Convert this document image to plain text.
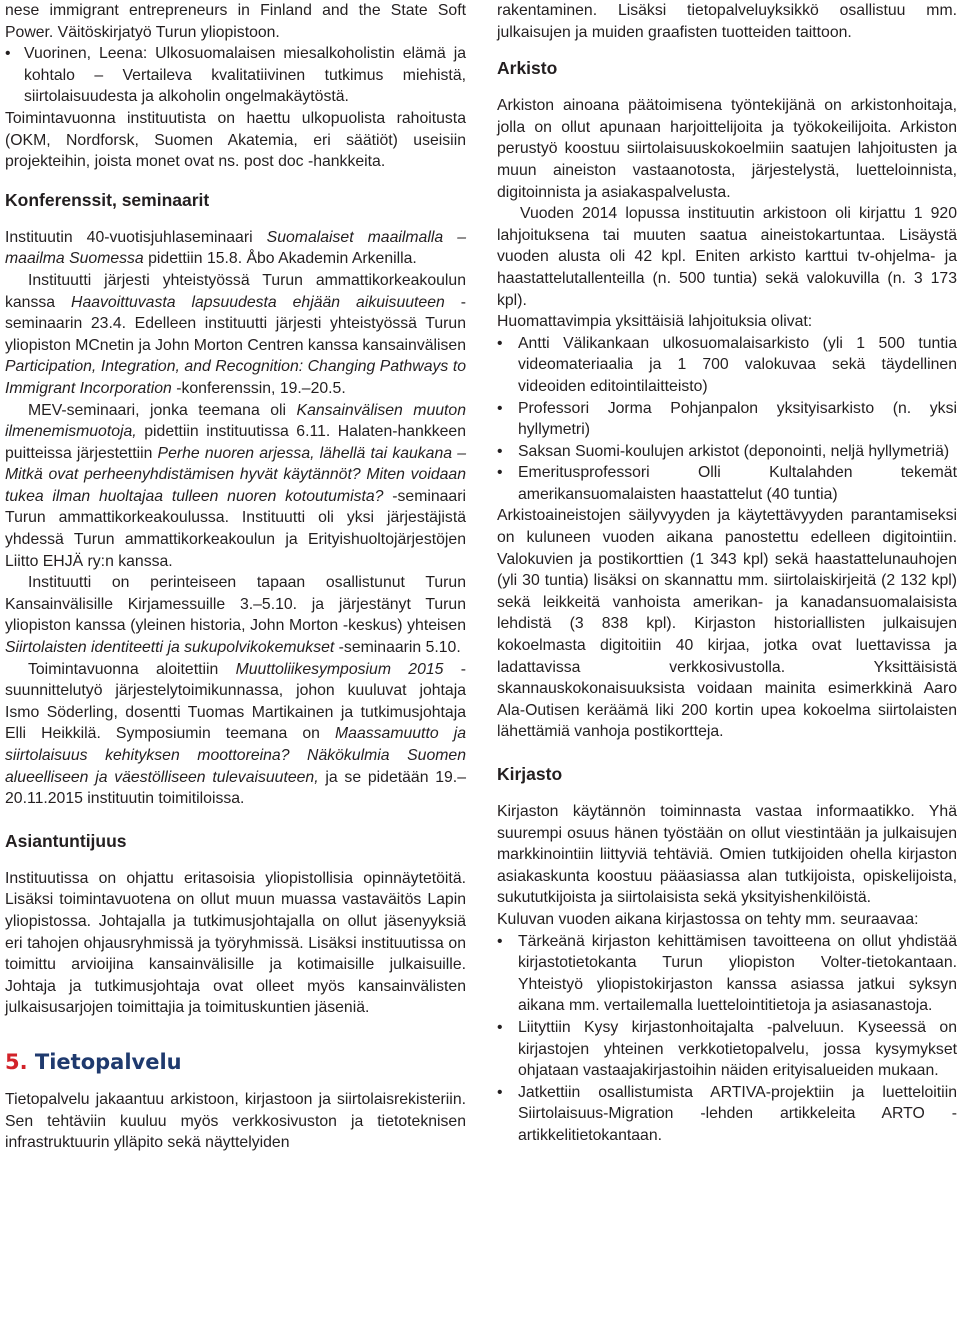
nese immigrant entrepreneurs in Finland and the State Soft Power. Väitöskirjatyö Turun yliopistoon.

• Vuorinen, Leena: Ulkosuomalaisen miesalkoholistin elämä ja kohtalo – Vertaileva kvalitatiivinen tutkimus miehistä, siirtolaisuudesta ja alkoholin ongelmakäytöstä.

Toimintavuonna instituutista on haettu ulkopuolista rahoitusta (OKM, Nordforsk, Suomen Akatemia, eri säätiöt) useisiin projekteihin, joista monet ovat ns. post doc -hankkeita.

Konferenssit, seminaarit

Instituutin 40-vuotisjuhlaseminaari Suomalaiset maailmalla – maailma Suomessa pidettiin 15.8. Åbo Akademin Arkenilla.

Instituutti järjesti yhteistyössä Turun ammattikorkeakoulun kanssa Haavoittuvasta lapsuudesta ehjään aikuisuuteen -seminaarin 23.4. Edelleen instituutti järjesti yhteistyössä Turun yliopiston MCnetin ja John Morton Centren kanssa kansainvälisen Participation, Integration, and Recognition: Changing Pathways to Immigrant Incorporation -konferenssin, 19.–20.5.

MEV-seminaari, jonka teemana oli Kansainvälisen muuton ilmenemismuotoja, pidettiin instituutissa 6.11. Halaten-hankkeen puitteissa järjestettiin Perhe nuoren arjessa, lähellä tai kaukana – Mitkä ovat perheenyhdistämisen hyvät käytännöt? Miten voidaan tukea ilman huoltajaa tulleen nuoren kotoutumista? -seminaari Turun ammattikorkeakoulussa. Instituutti oli yksi järjestäjistä yhdessä Turun ammattikorkeakoulun ja Erityishuoltojärjestöjen Liitto EHJÄ ry:n kanssa.

Instituutti on perinteiseen tapaan osallistunut Turun Kansainvälisille Kirjamessuille 3.–5.10. ja järjestänyt Turun yliopiston kanssa (yleinen historia, John Morton -keskus) yhteisen Siirtolaisten identiteetti ja sukupolvikokemukset -seminaarin 5.10.

Toimintavuonna aloitettiin Muuttoliikesymposium 2015 -suunnittelutyö järjestelytoimikunnassa, johon kuuluvat johtaja Ismo Söderling, dosentti Tuomas Martikainen ja tutkimusjohtaja Elli Heikkilä. Symposiumin teemana on Maassamuutto ja siirtolaisuus kehityksen moottoreina? Näkökulmia Suomen alueelliseen ja väestölliseen tulevaisuuteen, ja se pidetään 19.–20.11.2015 instituutin toimitiloissa.

Asiantuntijuus

Instituutissa on ohjattu eritasoisia yliopistollisia opinnäytetöitä. Lisäksi toimintavuotena on ollut muun muassa vastaväitös Lapin yliopistossa. Johtajalla ja tutkimusjohtajalla on ollut jäsenyyksiä eri tahojen ohjausryhmissä ja työryhmissä. Lisäksi instituutissa on toimittu arvioijina kansainvälisille ja kotimaisille julkaisuille. Johtaja ja tutkimusjohtaja ovat olleet myös kansainvälisten julkaisusarjojen toimittajia ja toimituskuntien jäseniä.

5. Tietopalvelu

Tietopalvelu jakaantuu arkistoon, kirjastoon ja siirtolaisrekisteriin. Sen tehtäviin kuuluu myös verkkosivuston ja tietoteknisen infrastruktuurin ylläpito sekä näyttelyiden

rakentaminen. Lisäksi tietopalveluyksikkö osallistuu mm. julkaisujen ja muiden graafisten tuotteiden taittoon.

Arkisto

Arkiston ainoana päätoimisena työntekijänä on arkistonhoitaja, jolla on ollut apunaan harjoittelijoita ja työkokeilijoita. Arkiston perustyö koostuu siirtolaisuuskokoelmiin saatujen lahjoitusten ja muun aineiston vastaanotosta, järjestelystä, luetteloinnista, digitoinnista ja asiakaspalvelusta.

Vuoden 2014 lopussa instituutin arkistoon oli kirjattu 1 920 lahjoituksena tai muuten saatua aineistokartuntaa. Lisäystä vuoden alusta oli 42 kpl. Eniten arkisto karttui tv-ohjelma- ja haastattelutallenteilla (n. 500 tuntia) sekä valokuvilla (n. 3 173 kpl).

Huomattavimpia yksittäisiä lahjoituksia olivat:

• Antti Välikankaan ulkosuomalaisarkisto (yli 1 500 tuntia videomateriaalia ja 1 700 valokuvaa sekä täydellinen videoiden editointilaitteisto)
• Professori Jorma Pohjanpalon yksityisarkisto (n. yksi hyllymetri)
• Saksan Suomi-koulujen arkistot (deponointi, neljä hyllymetriä)
• Emeritusprofessori Olli Kultalahden tekemät amerikansuomalaisten haastattelut (40 tuntia)

Arkistoaineistojen säilyvyyden ja käytettävyyden parantamiseksi on kuluneen vuoden aikana panostettu edelleen digitointiin. Valokuvien ja postikorttien (1 343 kpl) sekä haastattelunauhojen (yli 30 tuntia) lisäksi on skannattu mm. siirtolaiskirjeitä (2 132 kpl) sekä leikkeitä vanhoista amerikan- ja kanadansuomalaisista lehdistä (3 838 kpl). Kirjaston historiallisten julkaisujen kokoelmasta digitoitiin 40 kirjaa, jotka ovat luettavissa ja ladattavissa verkkosivustolla. Yksittäisistä skannauskokonaisuuksista voidaan mainita esimerkkinä Aaro Ala-Outisen keräämä liki 200 kortin upea kokoelma siirtolaisten lähettämiä vanhoja postikortteja.

Kirjasto

Kirjaston käytännön toiminnasta vastaa informaatikko. Yhä suurempi osuus hänen työstään on ollut viestintään ja julkaisujen markkinointiin liittyviä tehtäviä. Omien tutkijoiden ohella kirjaston asiakaskunta koostuu pääasiassa alan tutkijoista, opiskelijoista, sukututkijoista ja siirtolaisista sekä yksityishenkilöistä.

Kuluvan vuoden aikana kirjastossa on tehty mm. seuraavaa:

• Tärkeänä kirjaston kehittämisen tavoitteena on ollut yhdistää kirjastotietokanta Turun yliopiston Volter-tietokantaan. Yhteistyö yliopistokirjaston kanssa asiassa jatkui syksyn aikana mm. vertailemalla luettelointitietoja ja asiasanastoja.
• Liityttiin Kysy kirjastonhoitajalta -palveluun. Kyseessä on kirjastojen yhteinen verkkotietopalvelu, jossa kysymykset ohjataan vastaajakirjastoihin näiden erityisalueiden mukaan.
• Jatkettiin osallistumista ARTIVA-projektiin ja luetteloitiin Siirtolaisuus-Migration -lehden artikkeleita ARTO -artikkelitietokantaan.
